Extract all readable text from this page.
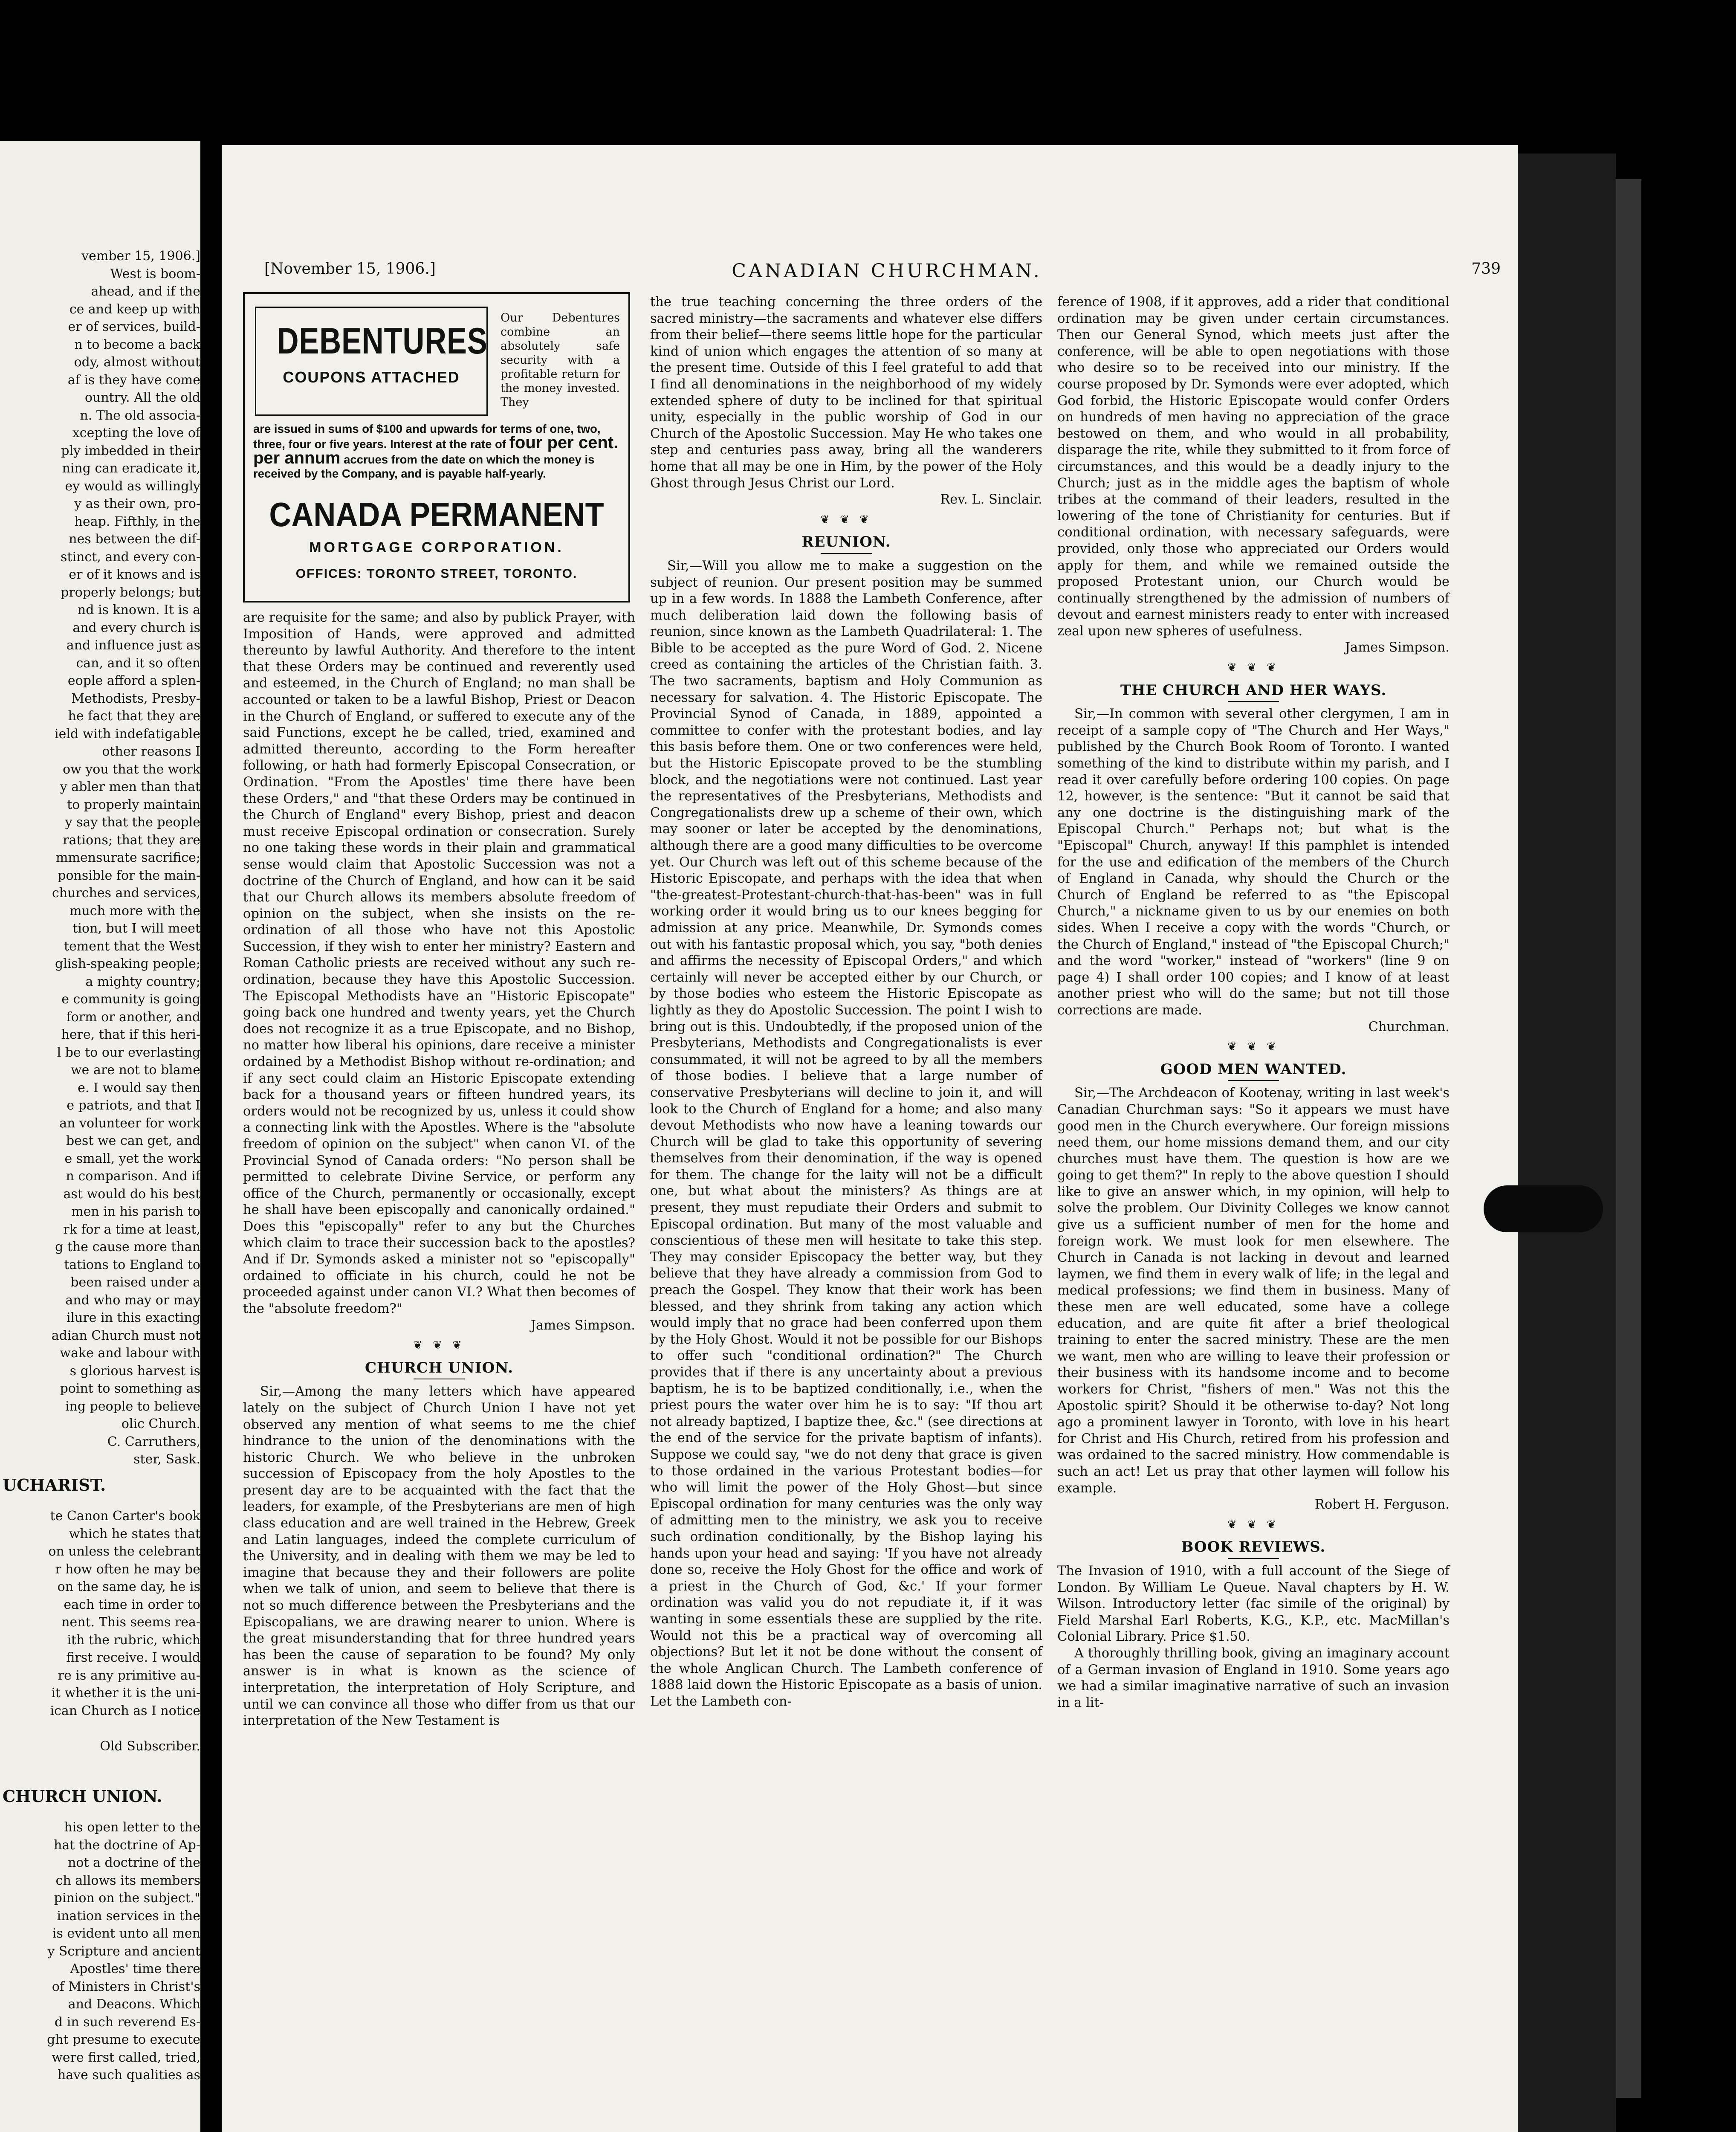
vember 15, 1906.]
West is boom-
ahead, and if the
ce and keep up with
er of services, build-
n to become a back
ody, almost without
af is they have come
ountry. All the old
n. The old associa-
xcepting the love of
ply imbedded in their
ning can eradicate it,
ey would as willingly
y as their own, pro-
heap. Fifthly, in the
nes between the dif-
stinct, and every con-
er of it knows and is
properly belongs; but
nd is known. It is a
and every church is
and influence just as
can, and it so often
eople afford a splen-
Methodists, Presby-
he fact that they are
ield with indefatigable
other reasons I
ow you that the work
y abler men than that
to properly maintain
y say that the people
rations; that they are
mmensurate sacrifice;
ponsible for the main-
churches and services,
much more with the
tion, but I will meet
tement that the West
glish-speaking people;
a mighty country;
e community is going
form or another, and
here, that if this heri-
l be to our everlasting
we are not to blame
e. I would say then
e patriots, and that I
an volunteer for work
best we can get, and
e small, yet the work
n comparison. And if
ast would do his best
men in his parish to
rk for a time at least,
g the cause more than
tations to England to
been raised under a
and who may or may
ilure in this exacting
adian Church must not
wake and labour with
s glorious harvest is
point to something as
ing people to believe
olic Church.
C. Carruthers,
ster, Sask.
UCHARIST.
te Canon Carter's book
which he states that
on unless the celebrant
r how often he may be
on the same day, he is
each time in order to
nent. This seems rea-
ith the rubric, which
first receive. I would
re is any primitive au-
it whether it is the uni-
ican Church as I notice

Old Subscriber.
CHURCH UNION.
his open letter to the
hat the doctrine of Ap-
not a doctrine of the
ch allows its members
pinion on the subject."
ination services in the
is evident unto all men
y Scripture and ancient
Apostles' time there
of Ministers in Christ's
and Deacons. Which
d in such reverend Es-
ght presume to execute
were first called, tried,
have such qualities as
[November 15, 1906.]	CANADIAN CHURCHMAN.	739
DEBENTURES
COUPONS ATTACHED
Our Debentures combine an absolutely safe security with a profitable return for the money invested. They
are issued in sums of $100 and upwards for terms of one, two, three, four or five years. Interest at the rate of four per cent. per annum accrues from the date on which the money is received by the Company, and is payable half-yearly.
CANADA PERMANENT
MORTGAGE CORPORATION.
OFFICES: TORONTO STREET, TORONTO.

are requisite for the same; and also by publick Prayer, with Imposition of Hands, were approved and admitted thereunto by lawful Authority. And therefore to the intent that these Orders may be continued and reverently used and esteemed, in the Church of England; no man shall be accounted or taken to be a lawful Bishop, Priest or Deacon in the Church of England, or suffered to execute any of the said Functions, except he be called, tried, examined and admitted thereunto, according to the Form hereafter following, or hath had formerly Episcopal Consecration, or Ordination. "From the Apostles' time there have been these Orders," and "that these Orders may be continued in the Church of England" every Bishop, priest and deacon must receive Episcopal ordination or consecration. Surely no one taking these words in their plain and grammatical sense would claim that Apostolic Succession was not a doctrine of the Church of England, and how can it be said that our Church allows its members absolute freedom of opinion on the subject, when she insists on the re-ordination of all those who have not this Apostolic Succession, if they wish to enter her ministry? Eastern and Roman Catholic priests are received without any such re-ordination, because they have this Apostolic Succession. The Episcopal Methodists have an "Historic Episcopate" going back one hundred and twenty years, yet the Church does not recognize it as a true Episcopate, and no Bishop, no matter how liberal his opinions, dare receive a minister ordained by a Methodist Bishop without re-ordination; and if any sect could claim an Historic Episcopate extending back for a thousand years or fifteen hundred years, its orders would not be recognized by us, unless it could show a connecting link with the Apostles. Where is the "absolute freedom of opinion on the subject" when canon VI. of the Provincial Synod of Canada orders: "No person shall be permitted to celebrate Divine Service, or perform any office of the Church, permanently or occasionally, except he shall have been episcopally and canonically ordained." Does this "episcopally" refer to any but the Churches which claim to trace their succession back to the apostles? And if Dr. Symonds asked a minister not so "episcopally" ordained to officiate in his church, could he not be proceeded against under canon VI.? What then becomes of the "absolute freedom?"

James Simpson.

❦ ❦ ❦
CHURCH UNION.

Sir,—Among the many letters which have appeared lately on the subject of Church Union I have not yet observed any mention of what seems to me the chief hindrance to the union of the denominations with the historic Church. We who believe in the unbroken succession of Episcopacy from the holy Apostles to the present day are to be acquainted with the fact that the leaders, for example, of the Presbyterians are men of high class education and are well trained in the Hebrew, Greek and Latin languages, indeed the complete curriculum of the University, and in dealing with them we may be led to imagine that because they and their followers are polite when we talk of union, and seem to believe that there is not so much difference between the Presbyterians and the Episcopalians, we are drawing nearer to union. Where is the great misunderstanding that for three hundred years has been the cause of separation to be found? My only answer is in what is known as the science of interpretation, the interpretation of Holy Scripture, and until we can convince all those who differ from us that our interpretation of the New Testament is

the true teaching concerning the three orders of the sacred ministry—the sacraments and whatever else differs from their belief—there seems little hope for the particular kind of union which engages the attention of so many at the present time. Outside of this I feel grateful to add that I find all denominations in the neighborhood of my widely extended sphere of duty to be inclined for that spiritual unity, especially in the public worship of God in our Church of the Apostolic Succession. May He who takes one step and centuries pass away, bring all the wanderers home that all may be one in Him, by the power of the Holy Ghost through Jesus Christ our Lord.

Rev. L. Sinclair.

❦ ❦ ❦
REUNION.

Sir,—Will you allow me to make a suggestion on the subject of reunion. Our present position may be summed up in a few words. In 1888 the Lambeth Conference, after much deliberation laid down the following basis of reunion, since known as the Lambeth Quadrilateral: 1. The Bible to be accepted as the pure Word of God. 2. Nicene creed as containing the articles of the Christian faith. 3. The two sacraments, baptism and Holy Communion as necessary for salvation. 4. The Historic Episcopate. The Provincial Synod of Canada, in 1889, appointed a committee to confer with the protestant bodies, and lay this basis before them. One or two conferences were held, but the Historic Episcopate proved to be the stumbling block, and the negotiations were not continued. Last year the representatives of the Presbyterians, Methodists and Congregationalists drew up a scheme of their own, which may sooner or later be accepted by the denominations, although there are a good many difficulties to be overcome yet. Our Church was left out of this scheme because of the Historic Episcopate, and perhaps with the idea that when "the-greatest-Protestant-church-that-has-been" was in full working order it would bring us to our knees begging for admission at any price. Meanwhile, Dr. Symonds comes out with his fantastic proposal which, you say, "both denies and affirms the necessity of Episcopal Orders," and which certainly will never be accepted either by our Church, or by those bodies who esteem the Historic Episcopate as lightly as they do Apostolic Succession. The point I wish to bring out is this. Undoubtedly, if the proposed union of the Presbyterians, Methodists and Congregationalists is ever consummated, it will not be agreed to by all the members of those bodies. I believe that a large number of conservative Presbyterians will decline to join it, and will look to the Church of England for a home; and also many devout Methodists who now have a leaning towards our Church will be glad to take this opportunity of severing themselves from their denomination, if the way is opened for them. The change for the laity will not be a difficult one, but what about the ministers? As things are at present, they must repudiate their Orders and submit to Episcopal ordination. But many of the most valuable and conscientious of these men will hesitate to take this step. They may consider Episcopacy the better way, but they believe that they have already a commission from God to preach the Gospel. They know that their work has been blessed, and they shrink from taking any action which would imply that no grace had been conferred upon them by the Holy Ghost. Would it not be possible for our Bishops to offer such "conditional ordination?" The Church provides that if there is any uncertainty about a previous baptism, he is to be baptized conditionally, i.e., when the priest pours the water over him he is to say: "If thou art not already baptized, I baptize thee, &c." (see directions at the end of the service for the private baptism of infants). Suppose we could say, "we do not deny that grace is given to those ordained in the various Protestant bodies—for who will limit the power of the Holy Ghost—but since Episcopal ordination for many centuries was the only way of admitting men to the ministry, we ask you to receive such ordination conditionally, by the Bishop laying his hands upon your head and saying: 'If you have not already done so, receive the Holy Ghost for the office and work of a priest in the Church of God, &c.' If your former ordination was valid you do not repudiate it, if it was wanting in some essentials these are supplied by the rite. Would not this be a practical way of overcoming all objections? But let it not be done without the consent of the whole Anglican Church. The Lambeth conference of 1888 laid down the Historic Episcopate as a basis of union. Let the Lambeth con-

ference of 1908, if it approves, add a rider that conditional ordination may be given under certain circumstances. Then our General Synod, which meets just after the conference, will be able to open negotiations with those who desire so to be received into our ministry. If the course proposed by Dr. Symonds were ever adopted, which God forbid, the Historic Episcopate would confer Orders on hundreds of men having no appreciation of the grace bestowed on them, and who would in all probability, disparage the rite, while they submitted to it from force of circumstances, and this would be a deadly injury to the Church; just as in the middle ages the baptism of whole tribes at the command of their leaders, resulted in the lowering of the tone of Christianity for centuries. But if conditional ordination, with necessary safeguards, were provided, only those who appreciated our Orders would apply for them, and while we remained outside the proposed Protestant union, our Church would be continually strengthened by the admission of numbers of devout and earnest ministers ready to enter with increased zeal upon new spheres of usefulness.

James Simpson.

❦ ❦ ❦
THE CHURCH AND HER WAYS.

Sir,—In common with several other clergymen, I am in receipt of a sample copy of "The Church and Her Ways," published by the Church Book Room of Toronto. I wanted something of the kind to distribute within my parish, and I read it over carefully before ordering 100 copies. On page 12, however, is the sentence: "But it cannot be said that any one doctrine is the distinguishing mark of the Episcopal Church." Perhaps not; but what is the "Episcopal" Church, anyway! If this pamphlet is intended for the use and edification of the members of the Church of England in Canada, why should the Church or the Church of England be referred to as "the Episcopal Church," a nickname given to us by our enemies on both sides. When I receive a copy with the words "Church, or the Church of England," instead of "the Episcopal Church;" and the word "worker," instead of "workers" (line 9 on page 4) I shall order 100 copies; and I know of at least another priest who will do the same; but not till those corrections are made.

Churchman.

❦ ❦ ❦
GOOD MEN WANTED.

Sir,—The Archdeacon of Kootenay, writing in last week's Canadian Churchman says: "So it appears we must have good men in the Church everywhere. Our foreign missions need them, our home missions demand them, and our city churches must have them. The question is how are we going to get them?" In reply to the above question I should like to give an answer which, in my opinion, will help to solve the problem. Our Divinity Colleges we know cannot give us a sufficient number of men for the home and foreign work. We must look for men elsewhere. The Church in Canada is not lacking in devout and learned laymen, we find them in every walk of life; in the legal and medical professions; we find them in business. Many of these men are well educated, some have a college education, and are quite fit after a brief theological training to enter the sacred ministry. These are the men we want, men who are willing to leave their profession or their business with its handsome income and to become workers for Christ, "fishers of men." Was not this the Apostolic spirit? Should it be otherwise to-day? Not long ago a prominent lawyer in Toronto, with love in his heart for Christ and His Church, retired from his profession and was ordained to the sacred ministry. How commendable is such an act! Let us pray that other laymen will follow his example.

Robert H. Ferguson.

❦ ❦ ❦
BOOK REVIEWS.

The Invasion of 1910, with a full account of the Siege of London. By William Le Queue. Naval chapters by H. W. Wilson. Introductory letter (fac simile of the original) by Field Marshal Earl Roberts, K.G., K.P., etc. MacMillan's Colonial Library. Price $1.50.

A thoroughly thrilling book, giving an imaginary account of a German invasion of England in 1910. Some years ago we had a similar imaginative narrative of such an invasion in a lit-
